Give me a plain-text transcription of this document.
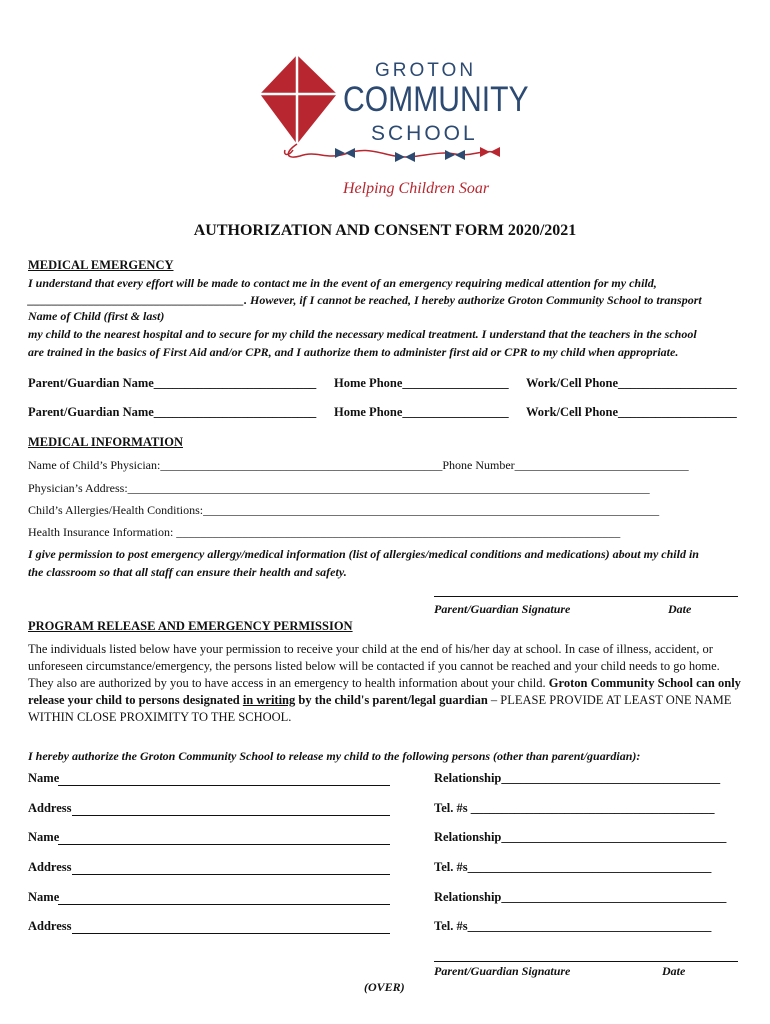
GROTON
COMMUNITY
SCHOOL
Helping Children Soar
AUTHORIZATION AND CONSENT FORM 2020/2021
MEDICAL EMERGENCY
I understand that every effort will be made to contact me in the event of an emergency requiring medical attention for my child,
____________________________________. However, if I cannot be reached, I hereby authorize Groton Community School to transport
Name of Child (first & last)
my child to the nearest hospital and to secure for my child the necessary medical treatment. I understand that the teachers in the school
are trained in the basics of First Aid and/or CPR, and I authorize them to administer first aid or CPR to my child when appropriate.
Parent/Guardian Name__________________________ Home Phone_________________ Work/Cell Phone___________________
Parent/Guardian Name__________________________ Home Phone_________________ Work/Cell Phone___________________
MEDICAL INFORMATION
Name of Child’s Physician:_______________________________________________Phone Number_____________________________
Physician’s Address:_______________________________________________________________________________________
Child’s Allergies/Health Conditions:____________________________________________________________________________
Health Insurance Information: __________________________________________________________________________
I give permission to post emergency allergy/medical information (list of allergies/medical conditions and medications) about my child in
the classroom so that all staff can ensure their health and safety.
Parent/Guardian Signature	Date
PROGRAM RELEASE AND EMERGENCY PERMISSION
The individuals listed below have your permission to receive your child at the end of his/her day at school. In case of illness, accident, or
unforeseen circumstance/emergency, the persons listed below will be contacted if you cannot be reached and your child needs to go home.
They also are authorized by you to have access in an emergency to health information about your child. Groton Community School can only
release your child to persons designated in writing by the child's parent/legal guardian – PLEASE PROVIDE AT LEAST ONE NAME
WITHIN CLOSE PROXIMITY TO THE SCHOOL.
I hereby authorize the Groton Community School to release my child to the following persons (other than parent/guardian):
Name	Relationship___________________________________
Address	Tel. #s _______________________________________
Name	Relationship____________________________________
Address	Tel. #s_______________________________________
Name	Relationship____________________________________
Address	Tel. #s_______________________________________
Parent/Guardian Signature	Date
(OVER)
